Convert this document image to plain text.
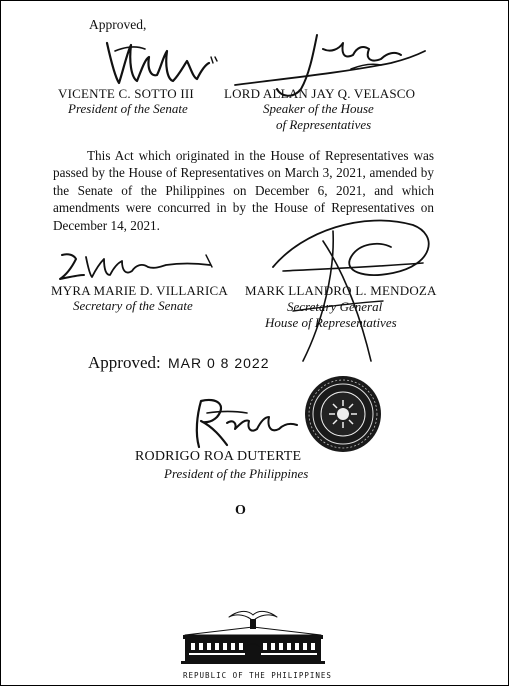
Approved,
VICENTE C. SOTTO III
President of the Senate
LORD ALLAN JAY Q. VELASCO
Speaker of the House
of Representatives
This Act which originated in the House of Representatives was passed by the House of Representatives on March 3, 2021, amended by the Senate of the Philippines on December 6, 2021, and which amendments were concurred in by the House of Representatives on December 14, 2021.
MYRA MARIE D. VILLARICA
Secretary of the Senate
MARK LLANDRO L. MENDOZA
Secretary General
House of Representatives
Approved: MAR 0 8 2022
RODRIGO ROA DUTERTE
President of the Philippines
O
REPUBLIC OF THE PHILIPPINES
